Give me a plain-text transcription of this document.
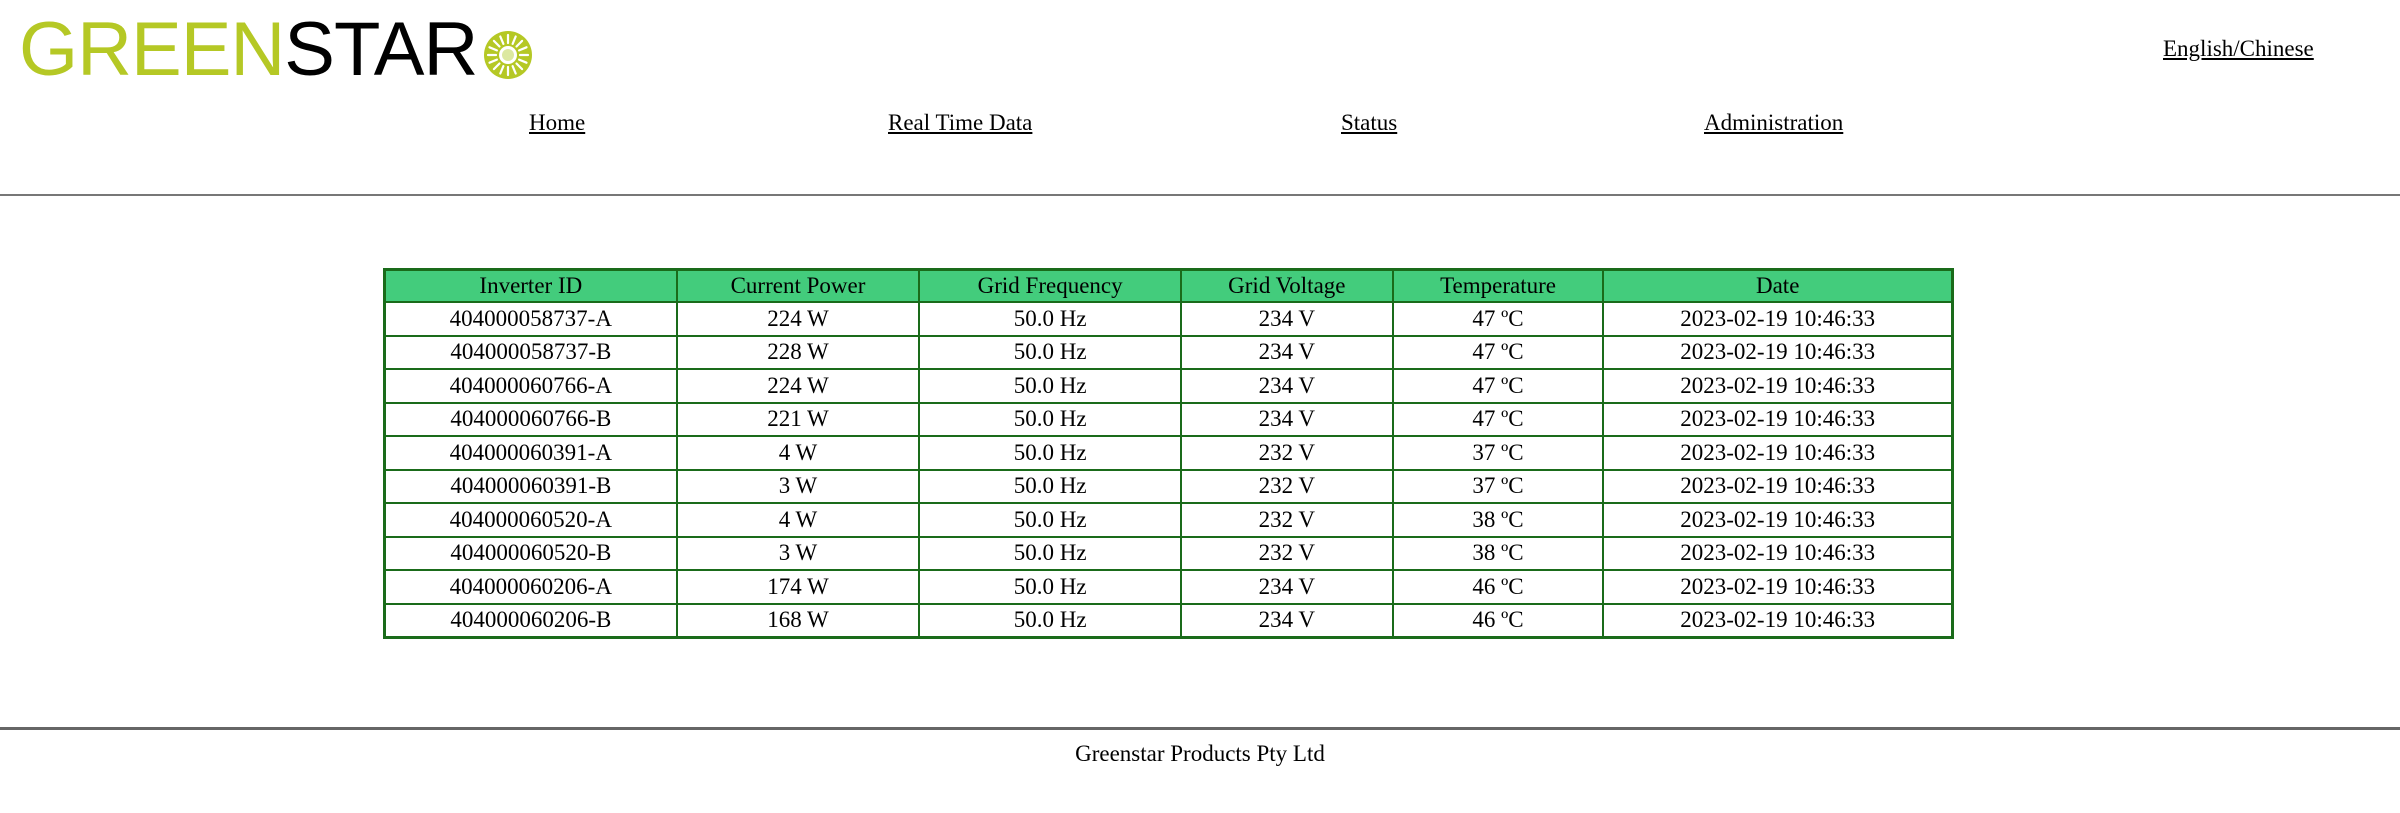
GREEN STAR	English/Chinese
Home	Real Time Data	Status	Administration
Inverter ID	Current Power	Grid Frequency	Grid Voltage	Temperature	Date
404000058737-A	224 W	50.0 Hz	234 V	47 ºC	2023-02-19 10:46:33
404000058737-B	228 W	50.0 Hz	234 V	47 ºC	2023-02-19 10:46:33
404000060766-A	224 W	50.0 Hz	234 V	47 ºC	2023-02-19 10:46:33
404000060766-B	221 W	50.0 Hz	234 V	47 ºC	2023-02-19 10:46:33
404000060391-A	4 W	50.0 Hz	232 V	37 ºC	2023-02-19 10:46:33
404000060391-B	3 W	50.0 Hz	232 V	37 ºC	2023-02-19 10:46:33
404000060520-A	4 W	50.0 Hz	232 V	38 ºC	2023-02-19 10:46:33
404000060520-B	3 W	50.0 Hz	232 V	38 ºC	2023-02-19 10:46:33
404000060206-A	174 W	50.0 Hz	234 V	46 ºC	2023-02-19 10:46:33
404000060206-B	168 W	50.0 Hz	234 V	46 ºC	2023-02-19 10:46:33
Greenstar Products Pty Ltd
